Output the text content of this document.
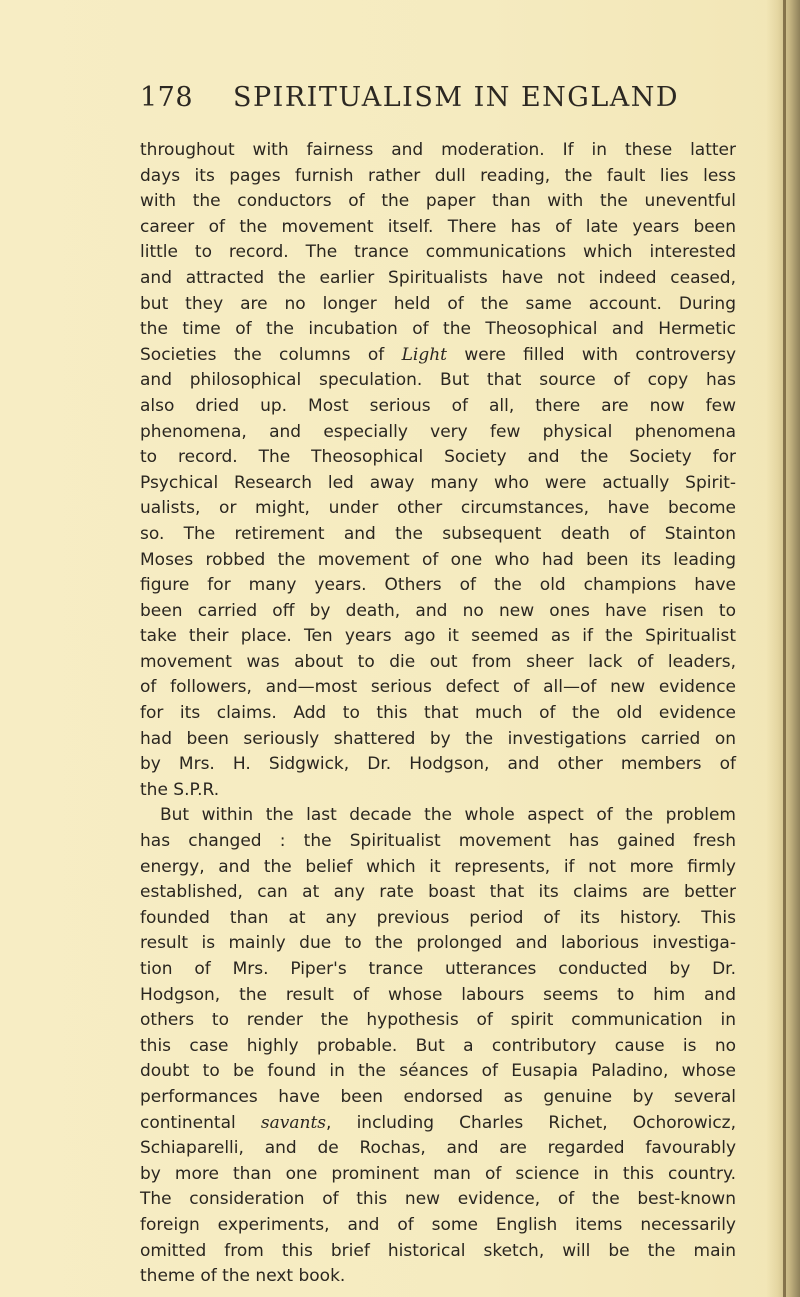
178 SPIRITUALISM IN ENGLAND
throughout with fairness and moderation. If in these latter
days its pages furnish rather dull reading, the fault lies less
with the conductors of the paper than with the uneventful
career of the movement itself. There has of late years been
little to record. The trance communications which interested
and attracted the earlier Spiritualists have not indeed ceased,
but they are no longer held of the same account. During
the time of the incubation of the Theosophical and Hermetic
Societies the columns of Light were filled with controversy
and philosophical speculation. But that source of copy has
also dried up. Most serious of all, there are now few
phenomena, and especially very few physical phenomena
to record. The Theosophical Society and the Society for
Psychical Research led away many who were actually Spirit-
ualists, or might, under other circumstances, have become
so. The retirement and the subsequent death of Stainton
Moses robbed the movement of one who had been its leading
figure for many years. Others of the old champions have
been carried off by death, and no new ones have risen to
take their place. Ten years ago it seemed as if the Spiritualist
movement was about to die out from sheer lack of leaders,
of followers, and—most serious defect of all—of new evidence
for its claims. Add to this that much of the old evidence
had been seriously shattered by the investigations carried on
by Mrs. H. Sidgwick, Dr. Hodgson, and other members of
the S.P.R.
But within the last decade the whole aspect of the problem
has changed : the Spiritualist movement has gained fresh
energy, and the belief which it represents, if not more firmly
established, can at any rate boast that its claims are better
founded than at any previous period of its history. This
result is mainly due to the prolonged and laborious investiga-
tion of Mrs. Piper's trance utterances conducted by Dr.
Hodgson, the result of whose labours seems to him and
others to render the hypothesis of spirit communication in
this case highly probable. But a contributory cause is no
doubt to be found in the séances of Eusapia Paladino, whose
performances have been endorsed as genuine by several
continental savants, including Charles Richet, Ochorowicz,
Schiaparelli, and de Rochas, and are regarded favourably
by more than one prominent man of science in this country.
The consideration of this new evidence, of the best-known
foreign experiments, and of some English items necessarily
omitted from this brief historical sketch, will be the main
theme of the next book.
